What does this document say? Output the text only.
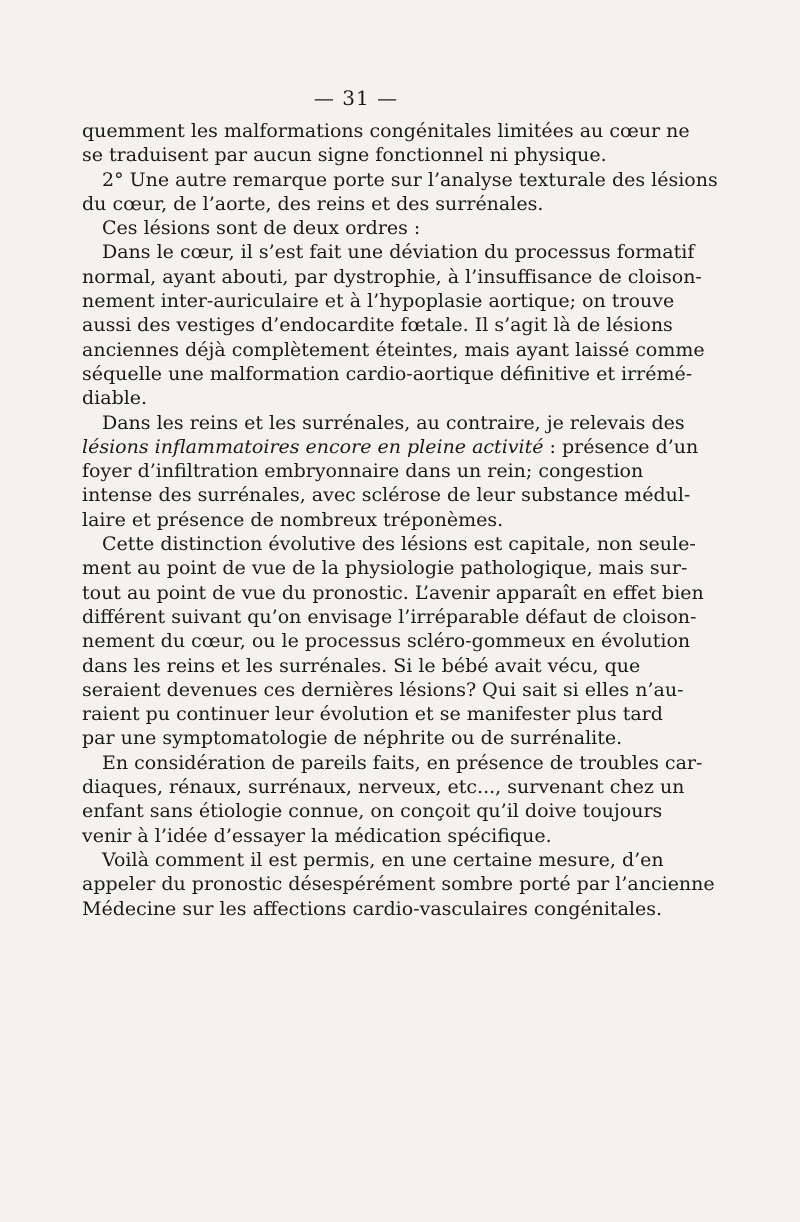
— 31 —
quemment les malformations congénitales limitées au cœur ne
se traduisent par aucun signe fonctionnel ni physique.
2° Une autre remarque porte sur l’analyse texturale des lésions
du cœur, de l’aorte, des reins et des surrénales.
Ces lésions sont de deux ordres :
Dans le cœur, il s’est fait une déviation du processus formatif
normal, ayant abouti, par dystrophie, à l’insuffisance de cloison-
nement inter-auriculaire et à l’hypoplasie aortique; on trouve
aussi des vestiges d’endocardite fœtale. Il s’agit là de lésions
anciennes déjà complètement éteintes, mais ayant laissé comme
séquelle une malformation cardio-aortique définitive et irrémé-
diable.
Dans les reins et les surrénales, au contraire, je relevais des
lésions inflammatoires encore en pleine activité : présence d’un
foyer d’infiltration embryonnaire dans un rein; congestion
intense des surrénales, avec sclérose de leur substance médul-
laire et présence de nombreux tréponèmes.
Cette distinction évolutive des lésions est capitale, non seule-
ment au point de vue de la physiologie pathologique, mais sur-
tout au point de vue du pronostic. L’avenir apparaît en effet bien
différent suivant qu’on envisage l’irréparable défaut de cloison-
nement du cœur, ou le processus scléro-gommeux en évolution
dans les reins et les surrénales. Si le bébé avait vécu, que
seraient devenues ces dernières lésions? Qui sait si elles n’au-
raient pu continuer leur évolution et se manifester plus tard
par une symptomatologie de néphrite ou de surrénalite.
En considération de pareils faits, en présence de troubles car-
diaques, rénaux, surrénaux, nerveux, etc..., survenant chez un
enfant sans étiologie connue, on conçoit qu’il doive toujours
venir à l’idée d’essayer la médication spécifique.
Voilà comment il est permis, en une certaine mesure, d’en
appeler du pronostic désespérément sombre porté par l’ancienne
Médecine sur les affections cardio-vasculaires congénitales.
